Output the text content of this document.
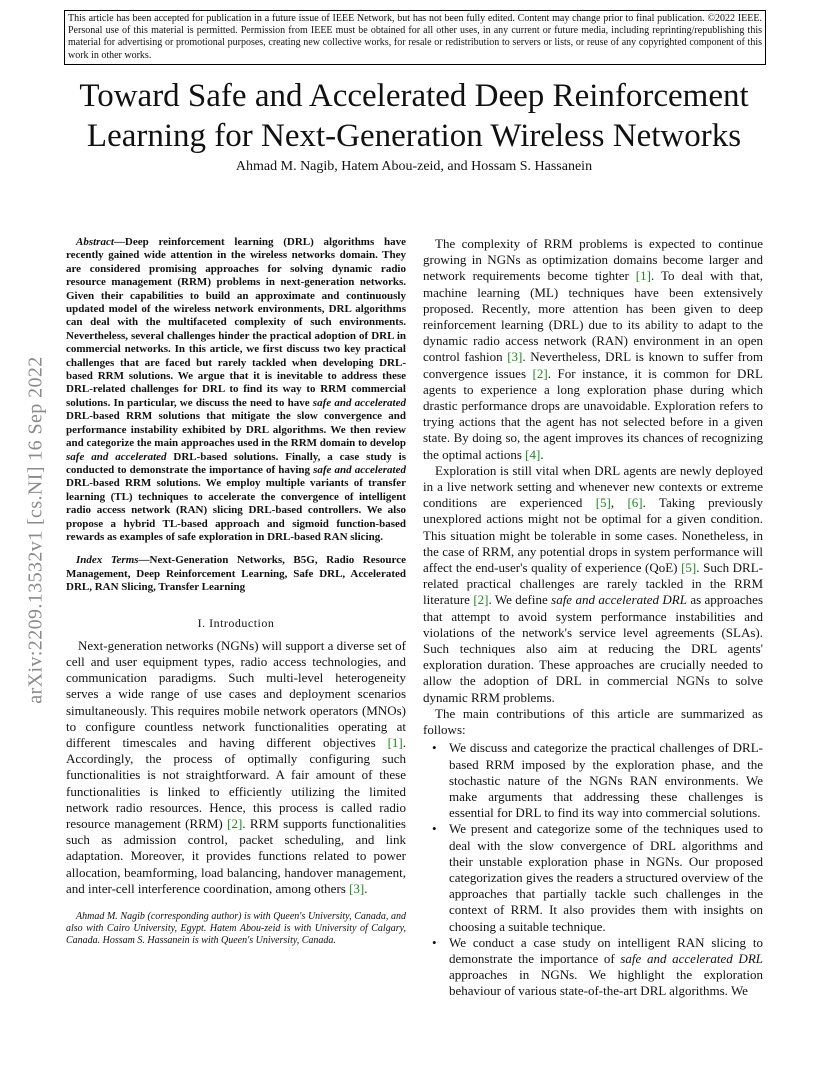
This article has been accepted for publication in a future issue of IEEE Network, but has not been fully edited. Content may change prior to final publication. ©2022 IEEE. Personal use of this material is permitted. Permission from IEEE must be obtained for all other uses, in any current or future media, including reprinting/republishing this material for advertising or promotional purposes, creating new collective works, for resale or redistribution to servers or lists, or reuse of any copyrighted component of this work in other works.
arXiv:2209.13532v1 [cs.NI] 16 Sep 2022
Toward Safe and Accelerated Deep Reinforcement Learning for Next-Generation Wireless Networks
Ahmad M. Nagib, Hatem Abou-zeid, and Hossam S. Hassanein

Abstract—Deep reinforcement learning (DRL) algorithms have recently gained wide attention in the wireless networks domain. They are considered promising approaches for solving dynamic radio resource management (RRM) problems in next-generation networks. Given their capabilities to build an approximate and continuously updated model of the wireless network environments, DRL algorithms can deal with the multifaceted complexity of such environments. Nevertheless, several challenges hinder the practical adoption of DRL in commercial networks. In this article, we first discuss two key practical challenges that are faced but rarely tackled when developing DRL-based RRM solutions. We argue that it is inevitable to address these DRL-related challenges for DRL to find its way to RRM commercial solutions. In particular, we discuss the need to have safe and accelerated DRL-based RRM solutions that mitigate the slow convergence and performance instability exhibited by DRL algorithms. We then review and categorize the main approaches used in the RRM domain to develop safe and accelerated DRL-based solutions. Finally, a case study is conducted to demonstrate the importance of having safe and accelerated DRL-based RRM solutions. We employ multiple variants of transfer learning (TL) techniques to accelerate the convergence of intelligent radio access network (RAN) slicing DRL-based controllers. We also propose a hybrid TL-based approach and sigmoid function-based rewards as examples of safe exploration in DRL-based RAN slicing.

Index Terms—Next-Generation Networks, B5G, Radio Resource Management, Deep Reinforcement Learning, Safe DRL, Accelerated DRL, RAN Slicing, Transfer Learning

I. Introduction

Next-generation networks (NGNs) will support a diverse set of cell and user equipment types, radio access technologies, and communication paradigms. Such multi-level heterogeneity serves a wide range of use cases and deployment scenarios simultaneously. This requires mobile network operators (MNOs) to configure countless network functionalities operating at different timescales and having different objectives [1]. Accordingly, the process of optimally configuring such functionalities is not straightforward. A fair amount of these functionalities is linked to efficiently utilizing the limited network radio resources. Hence, this process is called radio resource management (RRM) [2]. RRM supports functionalities such as admission control, packet scheduling, and link adaptation. Moreover, it provides functions related to power allocation, beamforming, load balancing, handover management, and inter-cell interference coordination, among others [3].

Ahmad M. Nagib (corresponding author) is with Queen's University, Canada, and also with Cairo University, Egypt. Hatem Abou-zeid is with University of Calgary, Canada. Hossam S. Hassanein is with Queen's University, Canada.

The complexity of RRM problems is expected to continue growing in NGNs as optimization domains become larger and network requirements become tighter [1]. To deal with that, machine learning (ML) techniques have been extensively proposed. Recently, more attention has been given to deep reinforcement learning (DRL) due to its ability to adapt to the dynamic radio access network (RAN) environment in an open control fashion [3]. Nevertheless, DRL is known to suffer from convergence issues [2]. For instance, it is common for DRL agents to experience a long exploration phase during which drastic performance drops are unavoidable. Exploration refers to trying actions that the agent has not selected before in a given state. By doing so, the agent improves its chances of recognizing the optimal actions [4].

Exploration is still vital when DRL agents are newly deployed in a live network setting and whenever new contexts or extreme conditions are experienced [5], [6]. Taking previously unexplored actions might not be optimal for a given condition. This situation might be tolerable in some cases. Nonetheless, in the case of RRM, any potential drops in system performance will affect the end-user's quality of experience (QoE) [5]. Such DRL-related practical challenges are rarely tackled in the RRM literature [2]. We define safe and accelerated DRL as approaches that attempt to avoid system performance instabilities and violations of the network's service level agreements (SLAs). Such techniques also aim at reducing the DRL agents' exploration duration. These approaches are crucially needed to allow the adoption of DRL in commercial NGNs to solve dynamic RRM problems.

The main contributions of this article are summarized as follows:

• We discuss and categorize the practical challenges of DRL-based RRM imposed by the exploration phase, and the stochastic nature of the NGNs RAN environments. We make arguments that addressing these challenges is essential for DRL to find its way into commercial solutions.
• We present and categorize some of the techniques used to deal with the slow convergence of DRL algorithms and their unstable exploration phase in NGNs. Our proposed categorization gives the readers a structured overview of the approaches that partially tackle such challenges in the context of RRM. It also provides them with insights on choosing a suitable technique.
• We conduct a case study on intelligent RAN slicing to demonstrate the importance of safe and accelerated DRL approaches in NGNs. We highlight the exploration behaviour of various state-of-the-art DRL algorithms. We
